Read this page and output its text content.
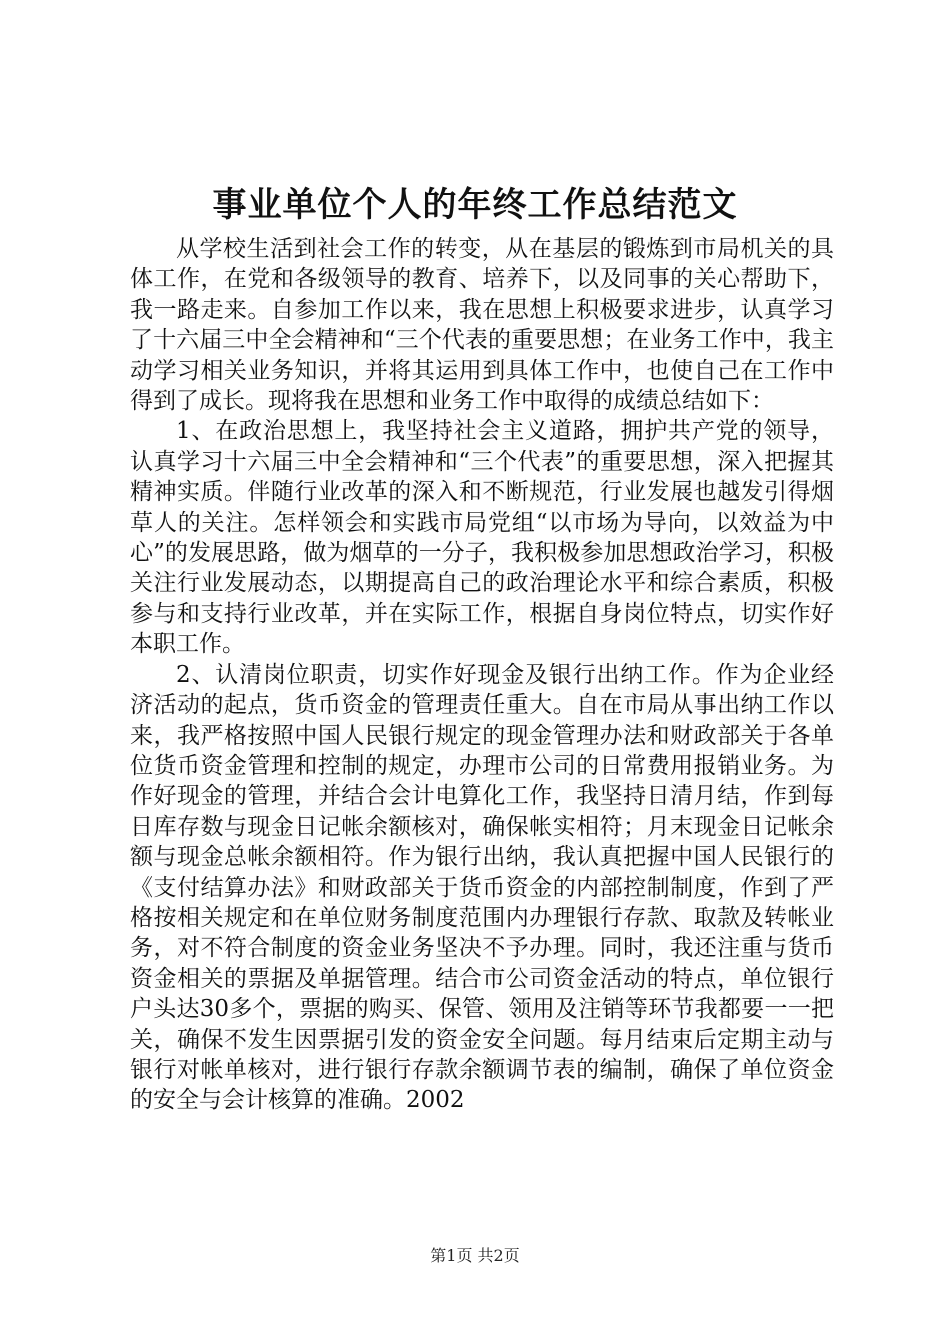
事业单位个人的年终工作总结范文

从学校生活到社会工作的转变，从在基层的锻炼到市局机关的具体工作，在党和各级领导的教育、培养下，以及同事的关心帮助下，我一路走来。自参加工作以来，我在思想上积极要求进步，认真学习了十六届三中全会精神和“三个代表的重要思想；在业务工作中，我主动学习相关业务知识，并将其运用到具体工作中，也使自己在工作中得到了成长。现将我在思想和业务工作中取得的成绩总结如下：

1、在政治思想上，我坚持社会主义道路，拥护共产党的领导，认真学习十六届三中全会精神和“三个代表”的重要思想，深入把握其精神实质。伴随行业改革的深入和不断规范，行业发展也越发引得烟草人的关注。怎样领会和实践市局党组“以市场为导向，以效益为中心”的发展思路，做为烟草的一分子，我积极参加思想政治学习，积极关注行业发展动态，以期提高自己的政治理论水平和综合素质，积极参与和支持行业改革，并在实际工作，根据自身岗位特点，切实作好本职工作。

2、认清岗位职责，切实作好现金及银行出纳工作。作为企业经济活动的起点，货币资金的管理责任重大。自在市局从事出纳工作以来，我严格按照中国人民银行规定的现金管理办法和财政部关于各单位货币资金管理和控制的规定，办理市公司的日常费用报销业务。为作好现金的管理，并结合会计电算化工作，我坚持日清月结，作到每日库存数与现金日记帐余额核对，确保帐实相符；月末现金日记帐余额与现金总帐余额相符。作为银行出纳，我认真把握中国人民银行的《支付结算办法》和财政部关于货币资金的内部控制制度，作到了严格按相关规定和在单位财务制度范围内办理银行存款、取款及转帐业务，对不符合制度的资金业务坚决不予办理。同时，我还注重与货币资金相关的票据及单据管理。结合市公司资金活动的特点，单位银行户头达30多个，票据的购买、保管、领用及注销等环节我都要一一把关，确保不发生因票据引发的资金安全问题。每月结束后定期主动与银行对帐单核对，进行银行存款余额调节表的编制，确保了单位资金的安全与会计核算的准确。2002

第1页 共2页
